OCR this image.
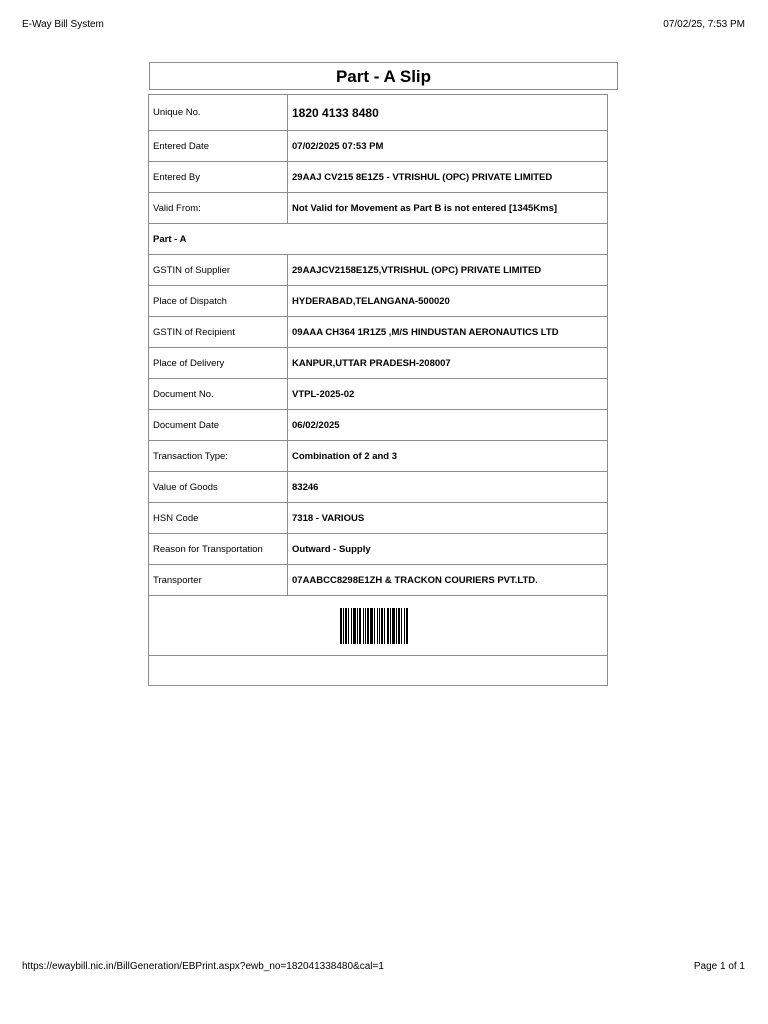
E-Way Bill System	07/02/25, 7:53 PM
Part - A Slip
Unique No.	1820 4133 8480
Entered Date	07/02/2025 07:53 PM
Entered By	29AAJ CV215 8E1Z5 - VTRISHUL (OPC) PRIVATE LIMITED
Valid From:	Not Valid for Movement as Part B is not entered [1345Kms]
Part - A	
GSTIN of Supplier	29AAJCV2158E1Z5,VTRISHUL (OPC) PRIVATE LIMITED
Place of Dispatch	HYDERABAD,TELANGANA-500020
GSTIN of Recipient	09AAA CH364 1R1Z5 ,M/S HINDUSTAN AERONAUTICS LTD
Place of Delivery	KANPUR,UTTAR PRADESH-208007
Document No.	VTPL-2025-02
Document Date	06/02/2025
Transaction Type:	Combination of 2 and 3
Value of Goods	83246
HSN Code	7318 - VARIOUS
Reason for Transportation	Outward - Supply
Transporter	07AABCC8298E1ZH & TRACKON COURIERS PVT.LTD.

https://ewaybill.nic.in/BillGeneration/EBPrint.aspx?ewb_no=182041338480&cal=1	Page 1 of 1
